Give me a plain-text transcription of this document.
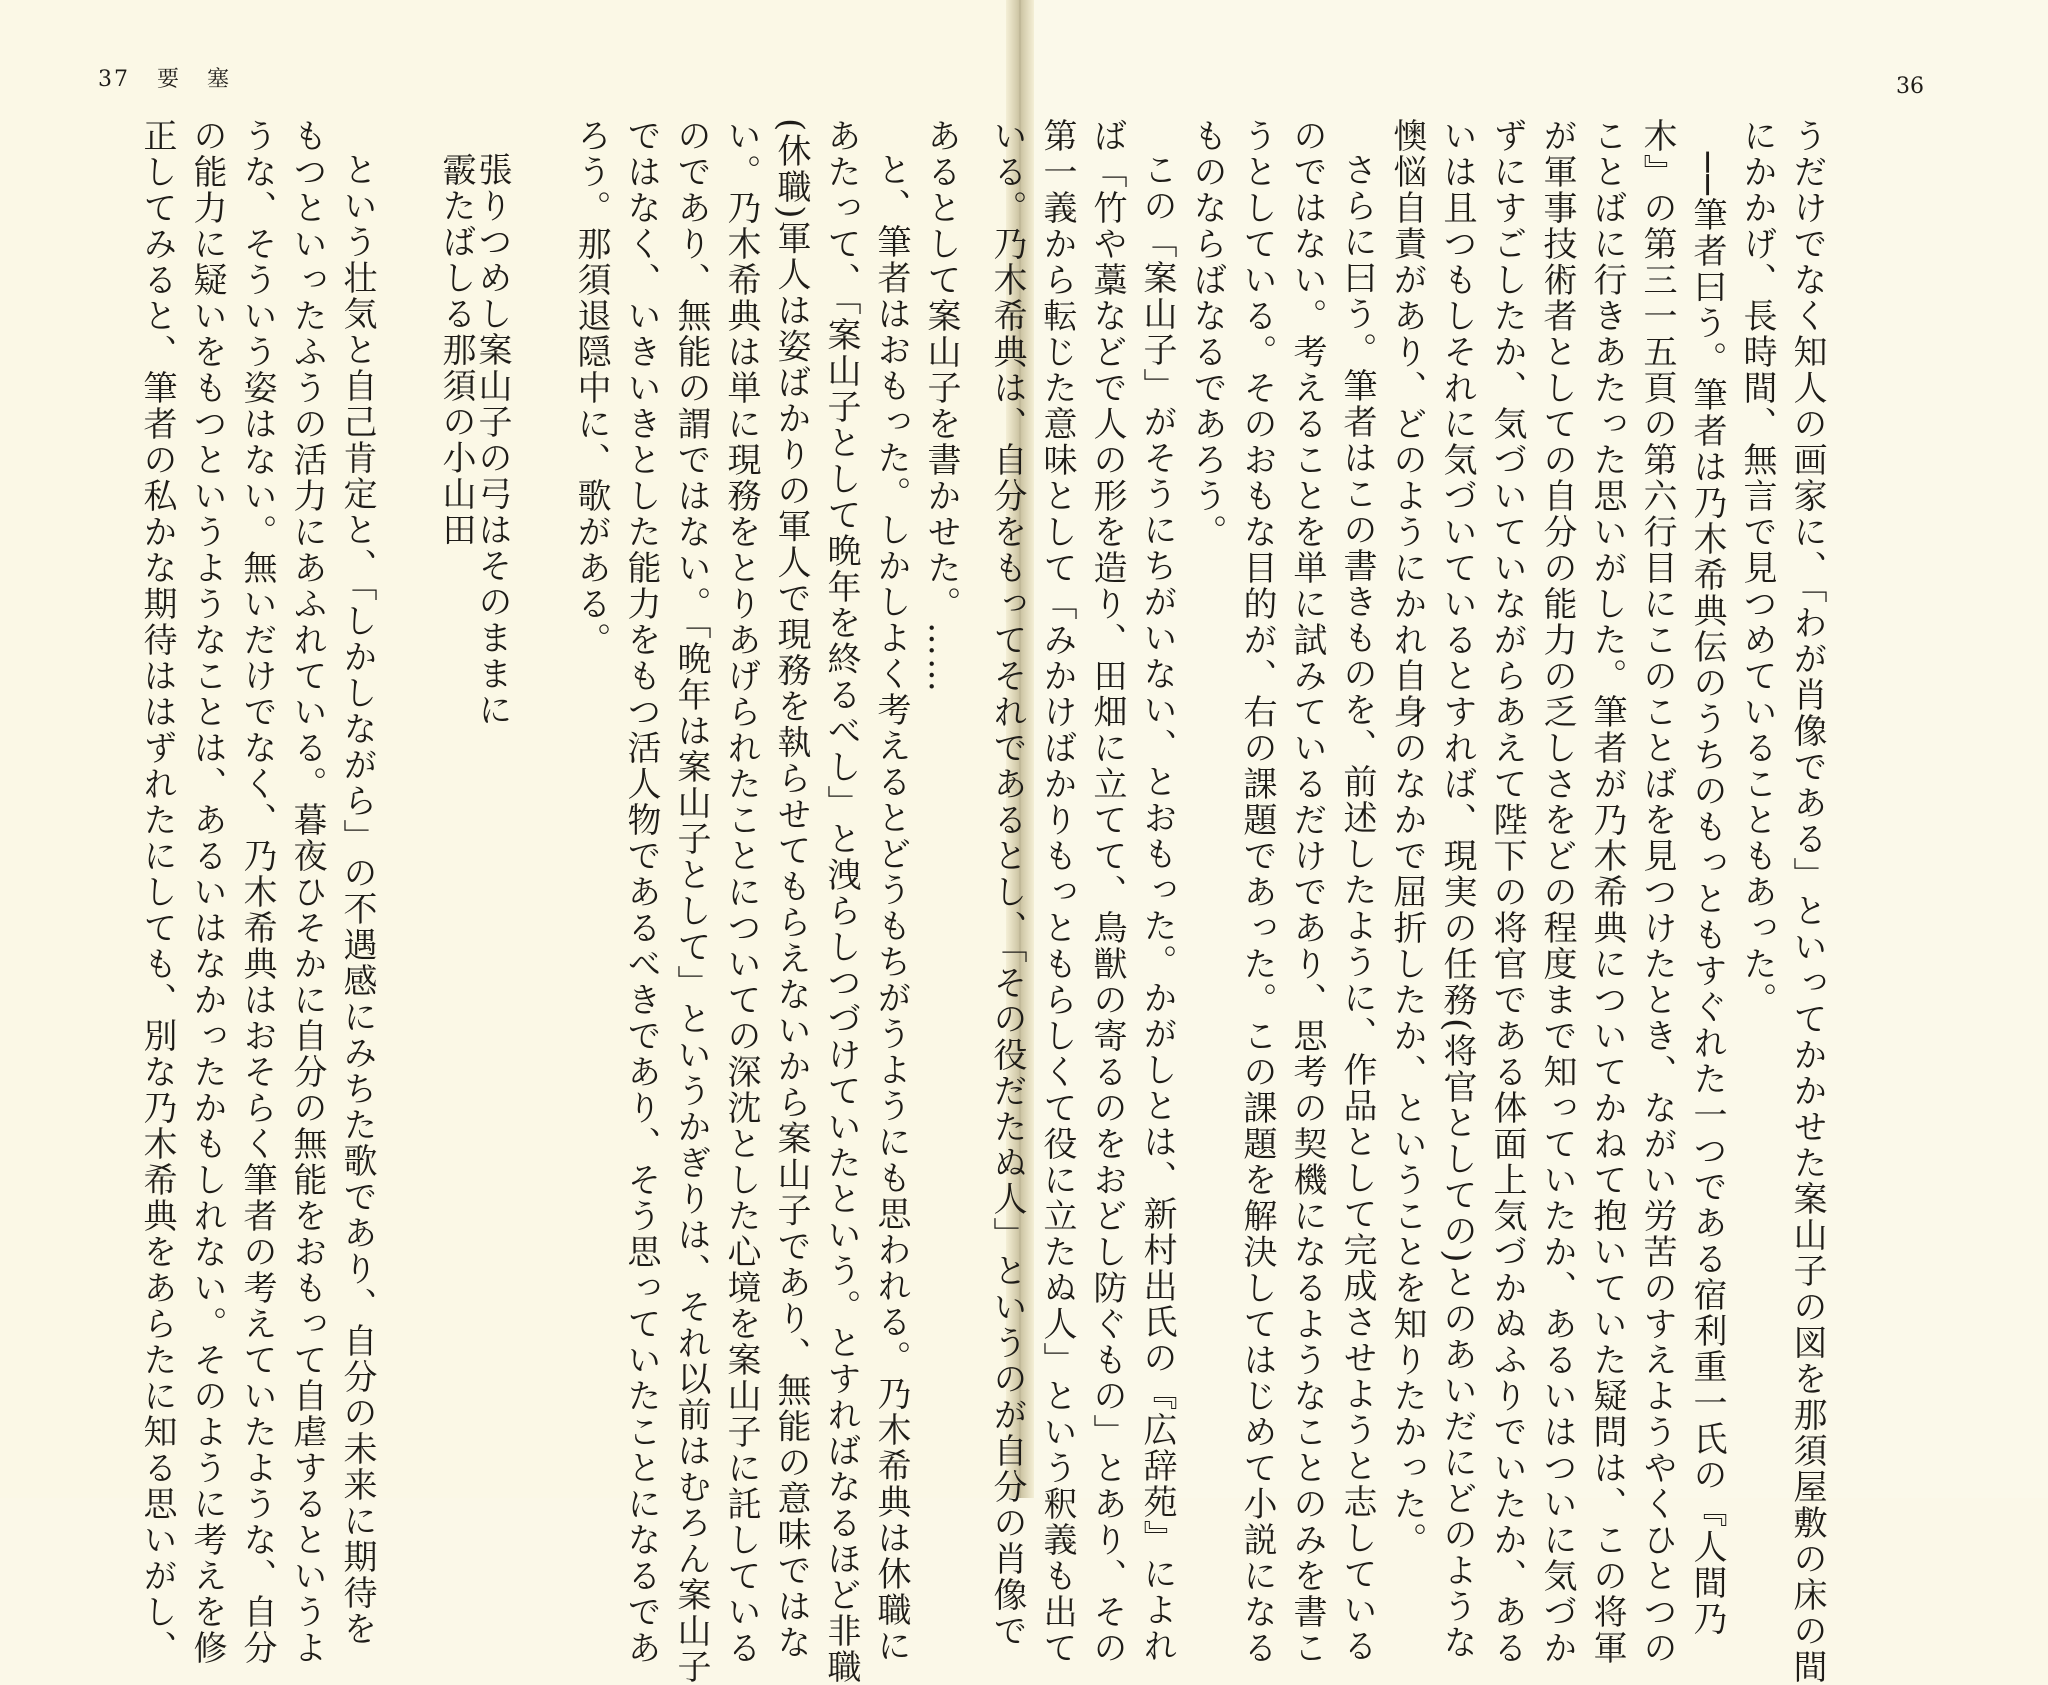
37 要塞	36
うだけでなく知人の画家に、「わが肖像である」といってかかせた案山子の図を那須屋敷の床の間
にかかげ、長時間、無言で見つめていることもあった。
──筆者曰う。筆者は乃木希典伝のうちのもっともすぐれた一つである宿利重一氏の『人間乃
木』の第三一五頁の第六行目にこのことばを見つけたとき、ながい労苦のすえようやくひとつの
ことばに行きあたった思いがした。筆者が乃木希典についてかねて抱いていた疑問は、この将軍
が軍事技術者としての自分の能力の乏しさをどの程度まで知っていたか、あるいはついに気づか
ずにすごしたか、気づいていながらあえて陛下の将官である体面上気づかぬふりでいたか、ある
いは且つもしそれに気づいているとすれば、現実の任務(将官としての)とのあいだにどのような
懊悩自責があり、どのようにかれ自身のなかで屈折したか、ということを知りたかった。
さらに曰う。筆者はこの書きものを、前述したように、作品として完成させようと志している
のではない。考えることを単に試みているだけであり、思考の契機になるようなことのみを書こ
うとしている。そのおもな目的が、右の課題であった。この課題を解決してはじめて小説になる
ものならばなるであろう。
この「案山子」がそうにちがいない、とおもった。かがしとは、新村出氏の『広辞苑』によれ
ば「竹や藁などで人の形を造り、田畑に立てて、鳥獣の寄るのをおどし防ぐもの」とあり、その
第一義から転じた意味として「みかけばかりもっともらしくて役に立たぬ人」という釈義も出て
いる。乃木希典は、自分をもってそれであるとし、「その役だたぬ人」というのが自分の肖像で
あるとして案山子を書かせた。……
と、筆者はおもった。しかしよく考えるとどうもちがうようにも思われる。乃木希典は休職に
あたって、「案山子として晩年を終るべし」と洩らしつづけていたという。とすればなるほど非職
(休職)軍人は姿ばかりの軍人で現務を執らせてもらえないから案山子であり、無能の意味ではな
い。乃木希典は単に現務をとりあげられたことについての深沈とした心境を案山子に託している
のであり、無能の謂ではない。「晩年は案山子として」というかぎりは、それ以前はむろん案山子
ではなく、いきいきとした能力をもつ活人物であるべきであり、そう思っていたことになるであ
ろう。那須退隠中に、歌がある。
張りつめし案山子の弓はそのままに
霰たばしる那須の小山田
という壮気と自己肯定と、「しかしながら」の不遇感にみちた歌であり、自分の未来に期待を
もつといったふうの活力にあふれている。暮夜ひそかに自分の無能をおもって自虐するというよ
うな、そういう姿はない。無いだけでなく、乃木希典はおそらく筆者の考えていたような、自分
の能力に疑いをもつというようなことは、あるいはなかったかもしれない。そのように考えを修
正してみると、筆者の私かな期待ははずれたにしても、別な乃木希典をあらたに知る思いがし、
